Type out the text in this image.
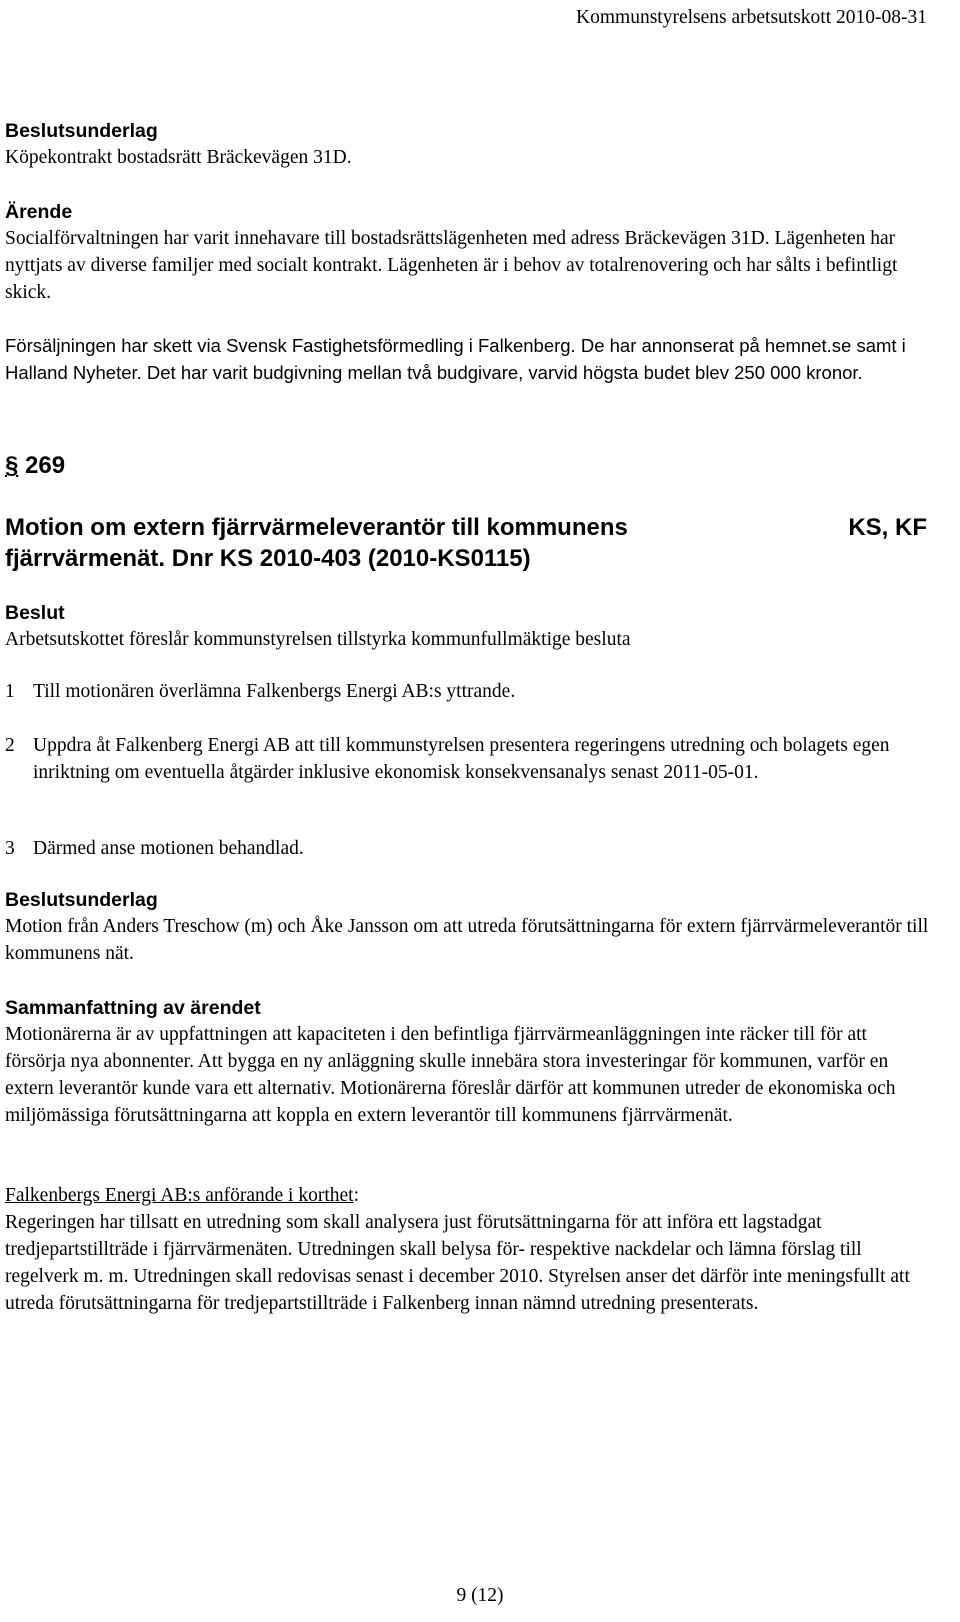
Kommunstyrelsens arbetsutskott 2010-08-31

Beslutsunderlag

Köpekontrakt bostadsrätt Bräckevägen 31D.

Ärende

Socialförvaltningen har varit innehavare till bostadsrättslägenheten med adress Bräckevägen 31D. Lägenheten har nyttjats av diverse familjer med socialt kontrakt. Lägenheten är i behov av totalrenovering och har sålts i befintligt skick.

Försäljningen har skett via Svensk Fastighetsförmedling i Falkenberg. De har annonserat på hemnet.se samt i Halland Nyheter. Det har varit budgivning mellan två budgivare, varvid högsta budet blev 250 000 kronor.

§ 269

Motion om extern fjärrvärmeleverantör till kommunens fjärrvärmenät. Dnr KS 2010-403 (2010-KS0115)

KS, KF

Beslut

Arbetsutskottet föreslår kommunstyrelsen tillstyrka kommunfullmäktige besluta

1 Till motionären överlämna Falkenbergs Energi AB:s yttrande.
2 Uppdra åt Falkenberg Energi AB att till kommunstyrelsen presentera regeringens utredning och bolagets egen inriktning om eventuella åtgärder inklusive ekonomisk konsekvensanalys senast 2011-05-01.
3 Därmed anse motionen behandlad.

Beslutsunderlag

Motion från Anders Treschow (m) och Åke Jansson om att utreda förutsättningarna för extern fjärrvärmeleverantör till kommunens nät.

Sammanfattning av ärendet

Motionärerna är av uppfattningen att kapaciteten i den befintliga fjärrvärmeanläggningen inte räcker till för att försörja nya abonnenter. Att bygga en ny anläggning skulle innebära stora investeringar för kommunen, varför en extern leverantör kunde vara ett alternativ. Motionärerna föreslår därför att kommunen utreder de ekonomiska och miljömässiga förutsättningarna att koppla en extern leverantör till kommunens fjärrvärmenät.

Falkenbergs Energi AB:s anförande i korthet:

Regeringen har tillsatt en utredning som skall analysera just förutsättningarna för att införa ett lagstadgat tredjepartstillträde i fjärrvärmenäten. Utredningen skall belysa för- respektive nackdelar och lämna förslag till regelverk m. m. Utredningen skall redovisas senast i december 2010. Styrelsen anser det därför inte meningsfullt att utreda förutsättningarna för tredjepartstillträde i Falkenberg innan nämnd utredning presenterats.

9 (12)
